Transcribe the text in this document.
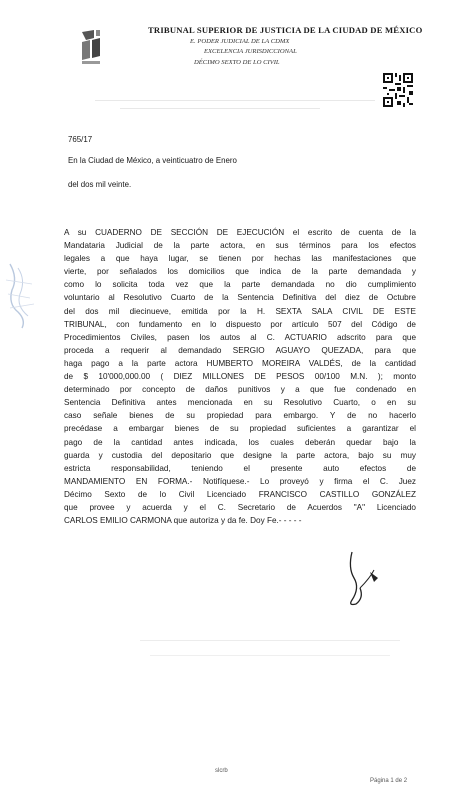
TRIBUNAL SUPERIOR DE JUSTICIA DE LA CIUDAD DE MÉXICO
E. PODER JUDICIAL DE LA CDMX
EXCELENCIA JURISDICCIONAL
DÉCIMO SEXTO DE LO CIVIL
765/17
En la Ciudad de México, a veinticuatro de Enero
del dos mil veinte.
A su CUADERNO DE SECCIÓN DE EJECUCIÓN el escrito de cuenta de la
Mandataria Judicial de la parte actora, en sus términos para los efectos
legales a que haya lugar, se tienen por hechas las manifestaciones que
vierte, por señalados los domicilios que indica de la parte demandada y
como lo solicita toda vez que la parte demandada no dio cumplimiento
voluntario al Resolutivo Cuarto de la Sentencia Definitiva del diez de Octubre
del dos mil diecinueve, emitida por la H. SEXTA SALA CIVIL DE ESTE
TRIBUNAL, con fundamento en lo dispuesto por artículo 507 del Código de
Procedimientos Civiles, pasen los autos al C. ACTUARIO adscrito para que
proceda a requerir al demandado SERGIO AGUAYO QUEZADA, para que
haga pago a la parte actora HUMBERTO MOREIRA VALDÉS, de la cantidad
de $ 10'000,000.00 ( DIEZ MILLONES DE PESOS 00/100 M.N. ); monto
determinado por concepto de daños punitivos y a que fue condenado en
Sentencia Definitiva antes mencionada en su Resolutivo Cuarto, o en su
caso señale bienes de su propiedad para embargo. Y de no hacerlo
precédase a embargar bienes de su propiedad suficientes a garantizar el
pago de la cantidad antes indicada, los cuales deberán quedar bajo la
guarda y custodia del depositario que designe la parte actora, bajo su muy
estricta responsabilidad, teniendo el presente auto efectos de
MANDAMIENTO EN FORMA.- Notifíquese.- Lo proveyó y firma el C. Juez
Décimo Sexto de lo Civil Licenciado FRANCISCO CASTILLO GONZÁLEZ
que provee y acuerda y el C. Secretario de Acuerdos "A" Licenciado
CARLOS EMILIO CARMONA que autoriza y da fe. Doy Fe.- - - - -
slcrb
Página 1 de 2
